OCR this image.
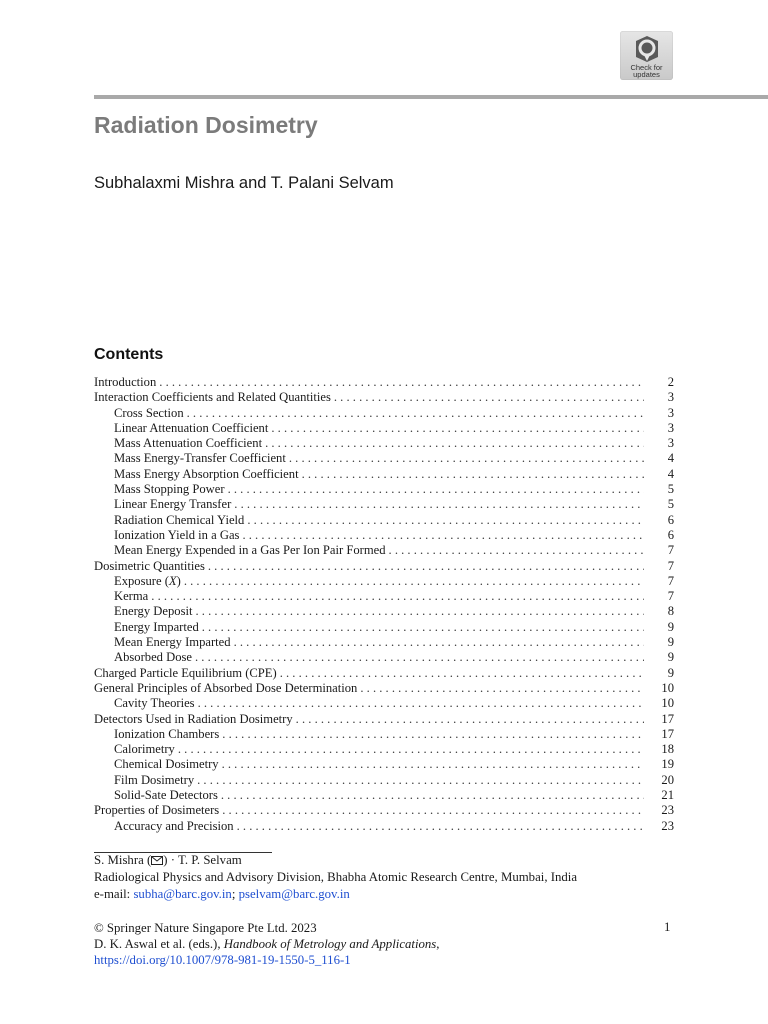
Check for
updates
Radiation Dosimetry

Subhalaxmi Mishra and T. Palani Selvam

Contents
Introduction . . .	2
Interaction Coefficients and Related Quantities . . .	3
Cross Section . . .	3
Linear Attenuation Coefficient . . .	3
Mass Attenuation Coefficient . . .	3
Mass Energy-Transfer Coefficient . . .	4
Mass Energy Absorption Coefficient . . .	4
Mass Stopping Power . . .	5
Linear Energy Transfer . . .	5
Radiation Chemical Yield . . .	6
Ionization Yield in a Gas . . .	6
Mean Energy Expended in a Gas Per Ion Pair Formed . . .	7
Dosimetric Quantities . . .	7
Exposure (X) . . .	7
Kerma . . .	7
Energy Deposit . . .	8
Energy Imparted . . .	9
Mean Energy Imparted . . .	9
Absorbed Dose . . .	9
Charged Particle Equilibrium (CPE) . . .	9
General Principles of Absorbed Dose Determination . . .	10
Cavity Theories . . .	10
Detectors Used in Radiation Dosimetry . . .	17
Ionization Chambers . . .	17
Calorimetry . . .	18
Chemical Dosimetry . . .	19
Film Dosimetry . . .	20
Solid-Sate Detectors . . .	21
Properties of Dosimeters . . .	23
Accuracy and Precision . . .	23

S. Mishra ( ) · T. P. Selvam

Radiological Physics and Advisory Division, Bhabha Atomic Research Centre, Mumbai, India

e-mail: subha@barc.gov.in; pselvam@barc.gov.in

© Springer Nature Singapore Pte Ltd. 2023

D. K. Aswal et al. (eds.), Handbook of Metrology and Applications,

https://doi.org/10.1007/978-981-19-1550-5_116-1

1
